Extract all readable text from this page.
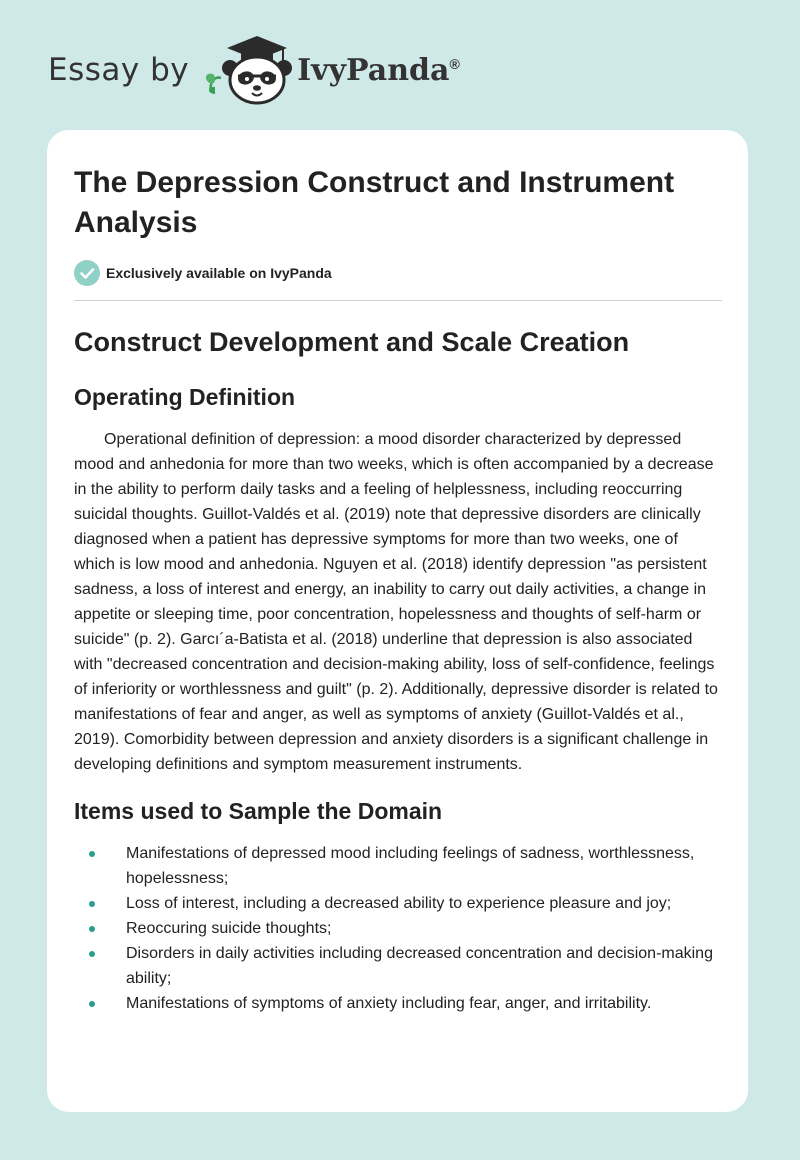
Essay by	IvyPanda®
The Depression Construct and Instrument Analysis
Exclusively available on IvyPanda
Construct Development and Scale Creation
Operating Definition

Operational definition of depression: a mood disorder characterized by depressed mood and anhedonia for more than two weeks, which is often accompanied by a decrease in the ability to perform daily tasks and a feeling of helplessness, including reoccurring suicidal thoughts. Guillot-Valdés et al. (2019) note that depressive disorders are clinically diagnosed when a patient has depressive symptoms for more than two weeks, one of which is low mood and anhedonia. Nguyen et al. (2018) identify depression "as persistent sadness, a loss of interest and energy, an inability to carry out daily activities, a change in appetite or sleeping time, poor concentration, hopelessness and thoughts of self-harm or suicide" (p. 2). Garcı´a-Batista et al. (2018) underline that depression is also associated with "decreased concentration and decision-making ability, loss of self-confidence, feelings of inferiority or worthlessness and guilt" (p. 2). Additionally, depressive disorder is related to manifestations of fear and anger, as well as symptoms of anxiety (Guillot-Valdés et al., 2019). Comorbidity between depression and anxiety disorders is a significant challenge in developing definitions and symptom measurement instruments.

Items used to Sample the Domain
Manifestations of depressed mood including feelings of sadness, worthlessness, hopelessness;
Loss of interest, including a decreased ability to experience pleasure and joy;
Reoccuring suicide thoughts;
Disorders in daily activities including decreased concentration and decision-making ability;
Manifestations of symptoms of anxiety including fear, anger, and irritability.
